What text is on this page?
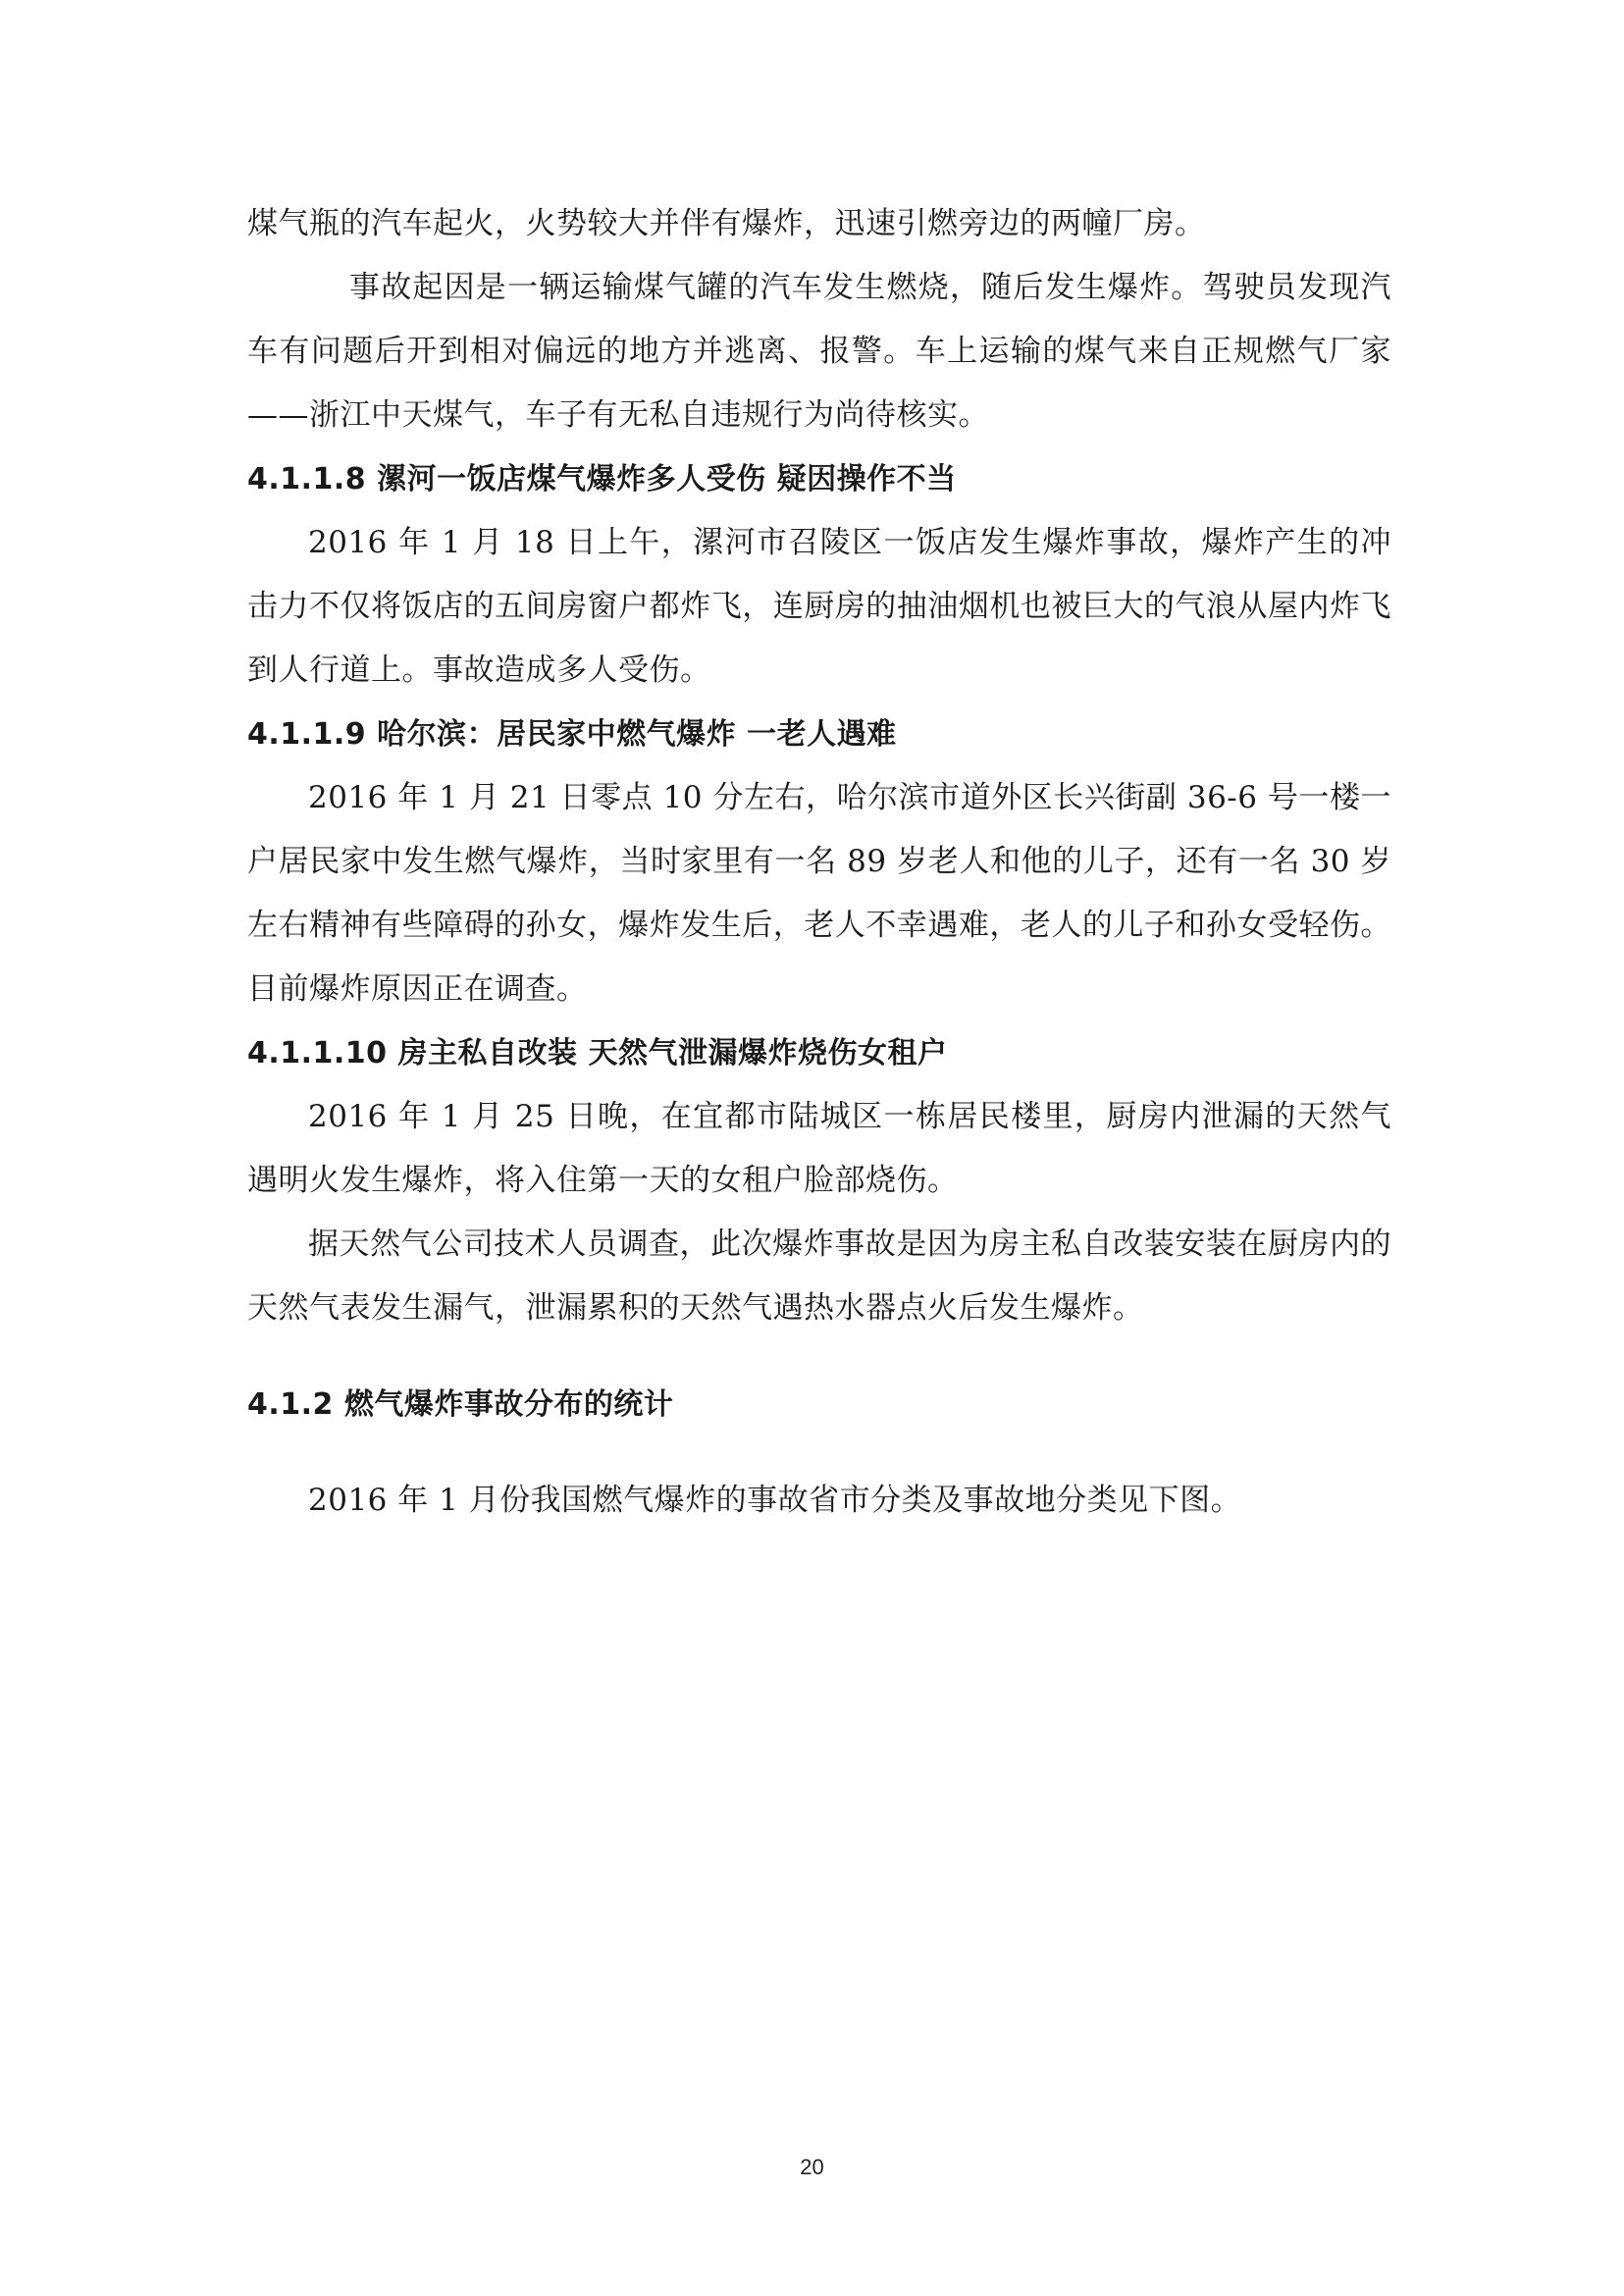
煤气瓶的汽车起火，火势较大并伴有爆炸，迅速引燃旁边的两幢厂房。

事故起因是一辆运输煤气罐的汽车发生燃烧，随后发生爆炸。驾驶员发现汽车有问题后开到相对偏远的地方并逃离、报警。车上运输的煤气来自正规燃气厂家——浙江中天煤气，车子有无私自违规行为尚待核实。

4.1.1.8 漯河一饭店煤气爆炸多人受伤 疑因操作不当

2016 年 1 月 18 日上午，漯河市召陵区一饭店发生爆炸事故，爆炸产生的冲击力不仅将饭店的五间房窗户都炸飞，连厨房的抽油烟机也被巨大的气浪从屋内炸飞到人行道上。事故造成多人受伤。

4.1.1.9 哈尔滨：居民家中燃气爆炸 一老人遇难

2016 年 1 月 21 日零点 10 分左右，哈尔滨市道外区长兴街副 36-6 号一楼一户居民家中发生燃气爆炸，当时家里有一名 89 岁老人和他的儿子，还有一名 30 岁左右精神有些障碍的孙女，爆炸发生后，老人不幸遇难，老人的儿子和孙女受轻伤。目前爆炸原因正在调查。

4.1.1.10 房主私自改装 天然气泄漏爆炸烧伤女租户

2016 年 1 月 25 日晚，在宜都市陆城区一栋居民楼里，厨房内泄漏的天然气遇明火发生爆炸，将入住第一天的女租户脸部烧伤。

据天然气公司技术人员调查，此次爆炸事故是因为房主私自改装安装在厨房内的天然气表发生漏气，泄漏累积的天然气遇热水器点火后发生爆炸。

4.1.2 燃气爆炸事故分布的统计

2016 年 1 月份我国燃气爆炸的事故省市分类及事故地分类见下图。

20
